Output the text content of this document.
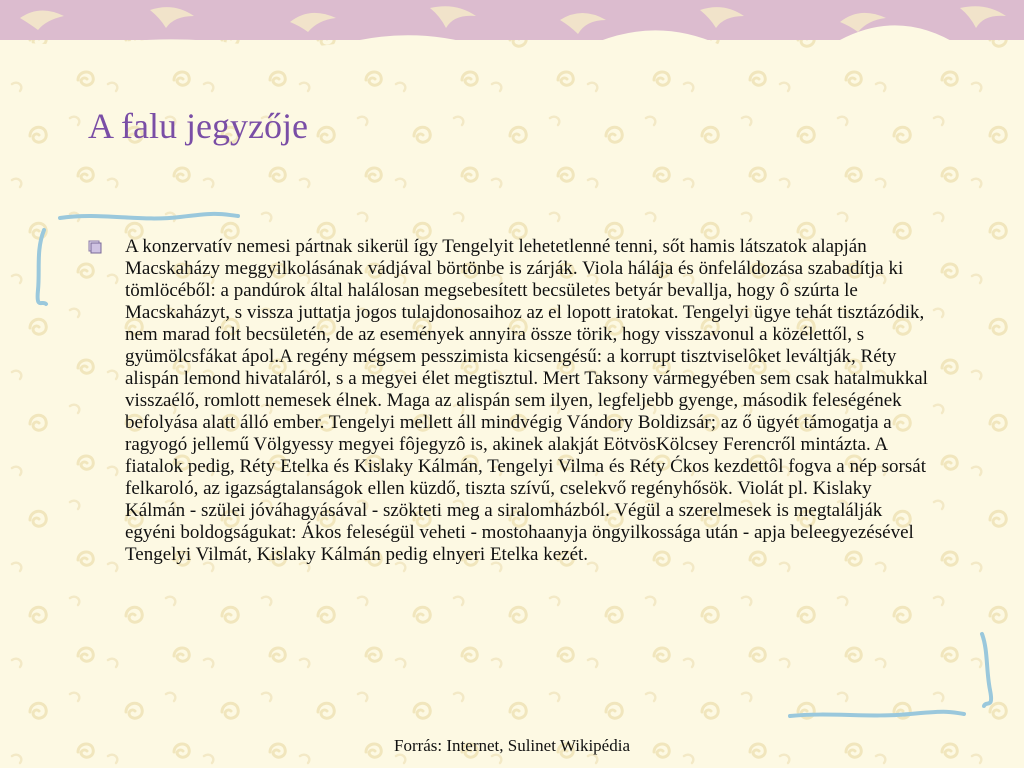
A falu jegyzője

A konzervatív nemesi pártnak sikerül így Tengelyit lehetetlenné tenni, sőt hamis látszatok alapján Macskaházy meggyilkolásának vádjával börtönbe is zárják. Viola hálája és önfeláldozása szabadítja ki tömlöcéből: a pandúrok által halálosan megsebesített becsületes betyár bevallja, hogy ô szúrta le Macskaházyt, s vissza juttatja jogos tulajdonosaihoz az el lopott iratokat. Tengelyi ügye tehát tisztázódik, nem marad folt becsületén, de az események annyira össze törik, hogy visszavonul a közélettől, s gyümölcsfákat ápol.A regény mégsem pesszimista kicsengésű: a korrupt tisztviselôket leváltják, Réty alispán lemond hivataláról, s a megyei élet megtisztul. Mert Taksony vármegyében sem csak hatalmukkal visszaélő, romlott nemesek élnek. Maga az alispán sem ilyen, legfeljebb gyenge, második feleségének befolyása alatt álló ember. Tengelyi mellett áll mindvégig Vándory Boldizsár; az ő ügyét támogatja a ragyogó jellemű Völgyessy megyei fôjegyzô is, akinek alakját EötvösKölcsey Ferencről mintázta. A fiatalok pedig, Réty Etelka és Kislaky Kálmán, Tengelyi Vilma és Réty Ćkos kezdettôl fogva a nép sorsát felkaroló, az igazságtalanságok ellen küzdő, tiszta szívű, cselekvő regényhősök. Violát pl. Kislaky Kálmán - szülei jóváhagyásával - szökteti meg a siralomházból. Végül a szerelmesek is megtalálják egyéni boldogságukat: Ákos feleségül veheti - mostohaanyja öngyilkossága után - apja beleegyezésével Tengelyi Vilmát, Kislaky Kálmán pedig elnyeri Etelka kezét.

Forrás: Internet, Sulinet Wikipédia
